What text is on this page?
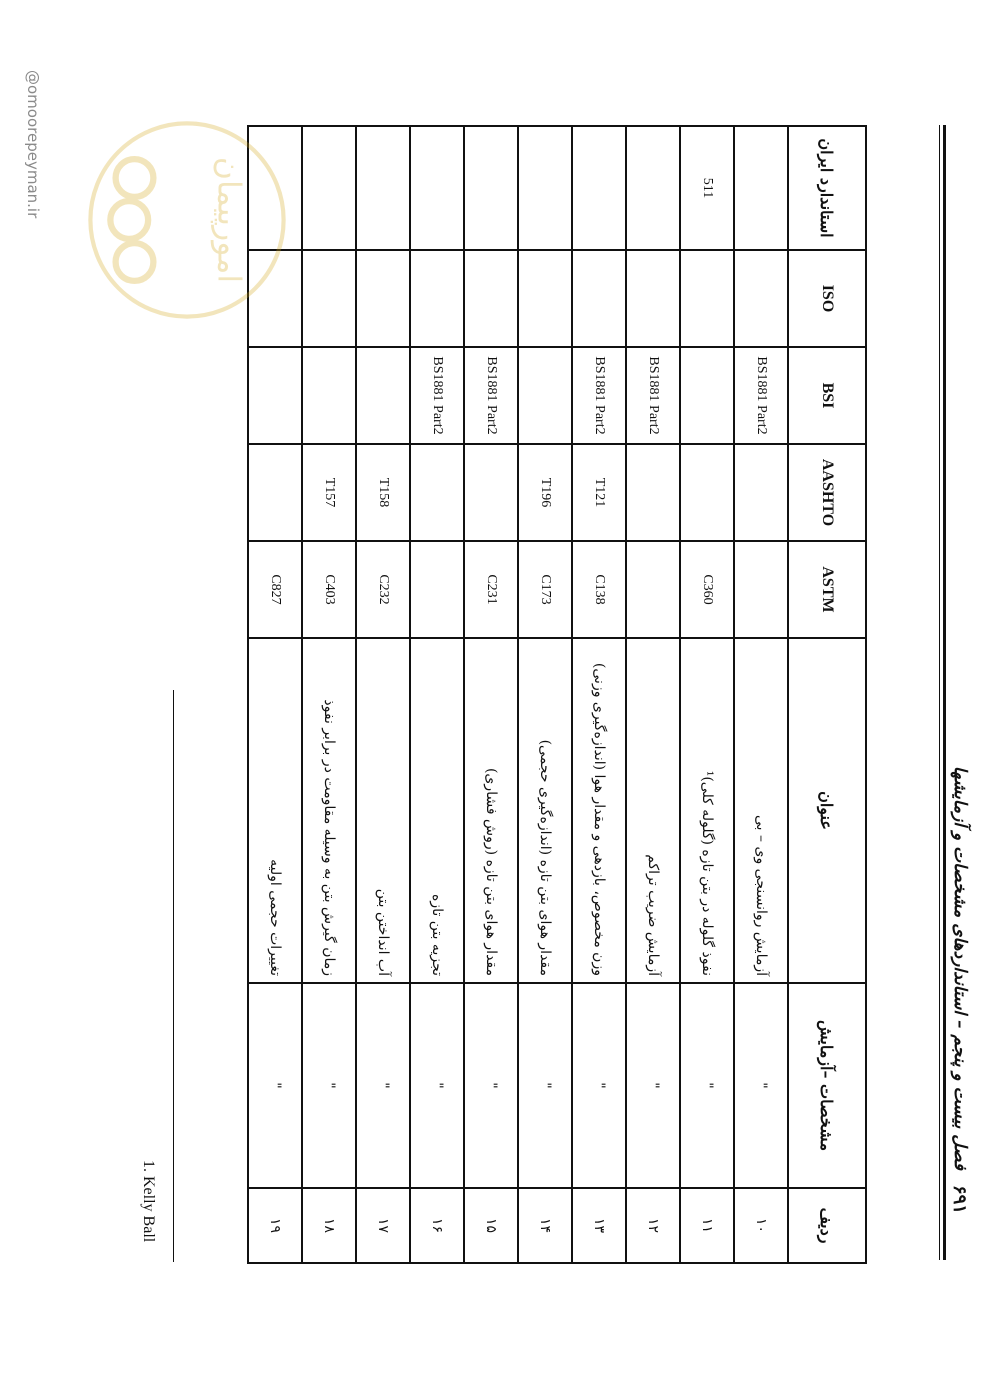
فصل بیست و پنجم – استانداردهای مشخصات و آزمایشها
۶۹۱
ردیف	مشخصات –آزمایش	عنوان	ASTM	AASHTO	BSI	ISO	استاندارد ایران
۱۰	"	آزمایش روانسنجی وی – بی			BS1881 Part2		
۱۱	"	نفوذ گلوله در بتن تازه (گلوله کلی)¹	C360				511
۱۲	"	آزمایش ضریب تراکم			BS1881 Part2		
۱۳	"	وزن مخصوص، بازدهی و مقدار هوا (اندازه‌گیری وزنی)	C138	T121	BS1881 Part2		
۱۴	"	مقدار هوای بتن تازه (اندازه‌گیری حجمی)	C173	T196			
۱۵	"	مقدار هوای بتن تازه (روش فشاری)	C231		BS1881 Part2		
۱۶	"	تجزیه بتن تازه			BS1881 Part2		
۱۷	"	آب انداختن بتن	C232	T158			
۱۸	"	زمان گیرش بتن به وسیله مقاومت در برابر نفوذ	C403	T157			
۱۹	"	تغییرات حجمی اولیه	C827				
1. Kelly Ball
امورپیمان
@omoorepeyman.ir
